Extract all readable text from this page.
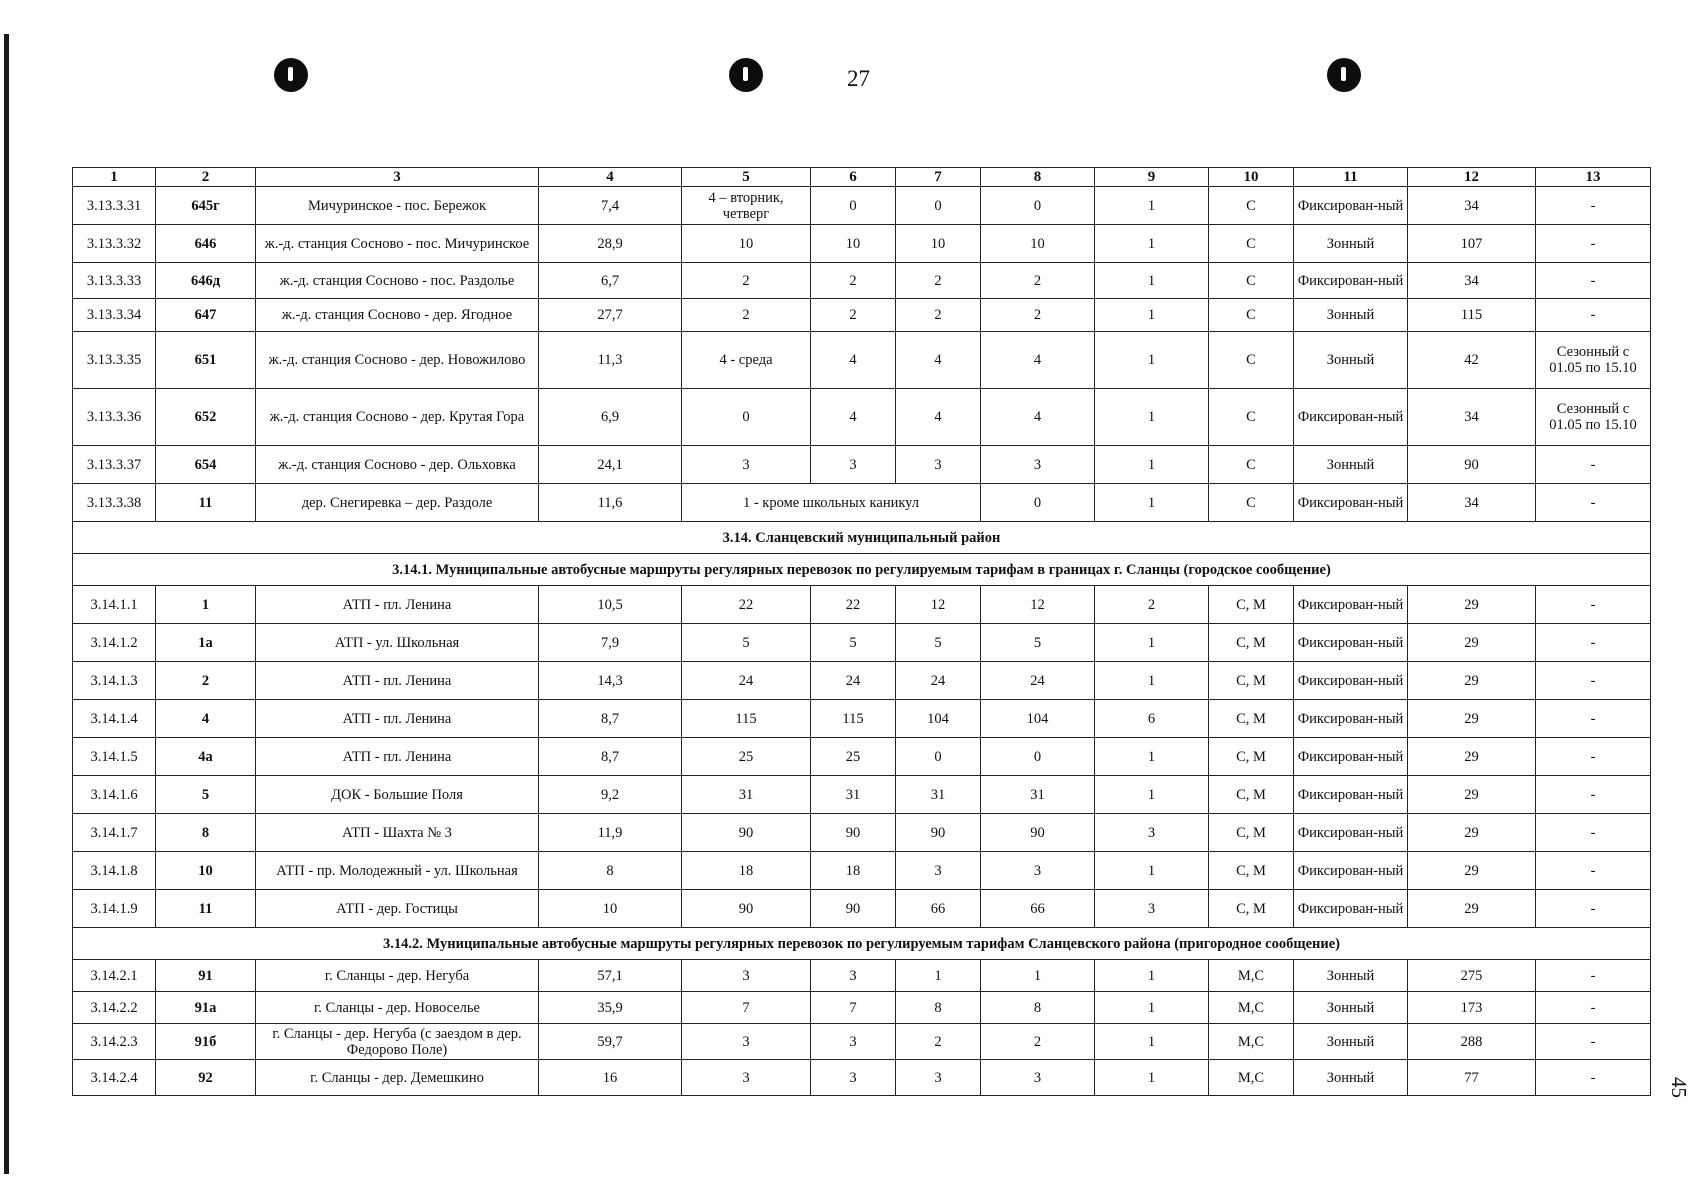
27
45
1	2	3	4	5	6	7	8	9	10	11	12	13
3.13.3.31	645г	Мичуринское - пос. Бережок	7,4	4 – вторник, четверг	0	0	0	1	С	Фиксирован-ный	34	-
3.13.3.32	646	ж.-д. станция Сосново - пос. Мичуринское	28,9	10	10	10	10	1	С	Зонный	107	-
3.13.3.33	646д	ж.-д. станция Сосново - пос. Раздолье	6,7	2	2	2	2	1	С	Фиксирован-ный	34	-
3.13.3.34	647	ж.-д. станция Сосново - дер. Ягодное	27,7	2	2	2	2	1	С	Зонный	115	-
3.13.3.35	651	ж.-д. станция Сосново - дер. Новожилово	11,3	4 - среда	4	4	4	1	С	Зонный	42	Сезонный с 01.05 по 15.10
3.13.3.36	652	ж.-д. станция Сосново - дер. Крутая Гора	6,9	0	4	4	4	1	С	Фиксирован-ный	34	Сезонный с 01.05 по 15.10
3.13.3.37	654	ж.-д. станция Сосново - дер. Ольховка	24,1	3	3	3	3	1	С	Зонный	90	-
3.13.3.38	11	дер. Снегиревка – дер. Раздоле	11,6	1 - кроме школьных каникул			0	1	С	Фиксирован-ный	34	-
3.14. Сланцевский муниципальный район												
3.14.1. Муниципальные автобусные маршруты регулярных перевозок по регулируемым тарифам в границах г. Сланцы (городское сообщение)												
3.14.1.1	1	АТП - пл. Ленина	10,5	22	22	12	12	2	С, М	Фиксирован-ный	29	-
3.14.1.2	1а	АТП - ул. Школьная	7,9	5	5	5	5	1	С, М	Фиксирован-ный	29	-
3.14.1.3	2	АТП - пл. Ленина	14,3	24	24	24	24	1	С, М	Фиксирован-ный	29	-
3.14.1.4	4	АТП - пл. Ленина	8,7	115	115	104	104	6	С, М	Фиксирован-ный	29	-
3.14.1.5	4а	АТП - пл. Ленина	8,7	25	25	0	0	1	С, М	Фиксирован-ный	29	-
3.14.1.6	5	ДОК - Большие Поля	9,2	31	31	31	31	1	С, М	Фиксирован-ный	29	-
3.14.1.7	8	АТП - Шахта № 3	11,9	90	90	90	90	3	С, М	Фиксирован-ный	29	-
3.14.1.8	10	АТП - пр. Молодежный - ул. Школьная	8	18	18	3	3	1	С, М	Фиксирован-ный	29	-
3.14.1.9	11	АТП - дер. Гостицы	10	90	90	66	66	3	С, М	Фиксирован-ный	29	-
3.14.2. Муниципальные автобусные маршруты регулярных перевозок по регулируемым тарифам Сланцевского района (пригородное сообщение)												
3.14.2.1	91	г. Сланцы - дер. Негуба	57,1	3	3	1	1	1	М,С	Зонный	275	-
3.14.2.2	91а	г. Сланцы - дер. Новоселье	35,9	7	7	8	8	1	М,С	Зонный	173	-
3.14.2.3	91б	г. Сланцы - дер. Негуба (с заездом в дер. Федорово Поле)	59,7	3	3	2	2	1	М,С	Зонный	288	-
3.14.2.4	92	г. Сланцы - дер. Демешкино	16	3	3	3	3	1	М,С	Зонный	77	-
